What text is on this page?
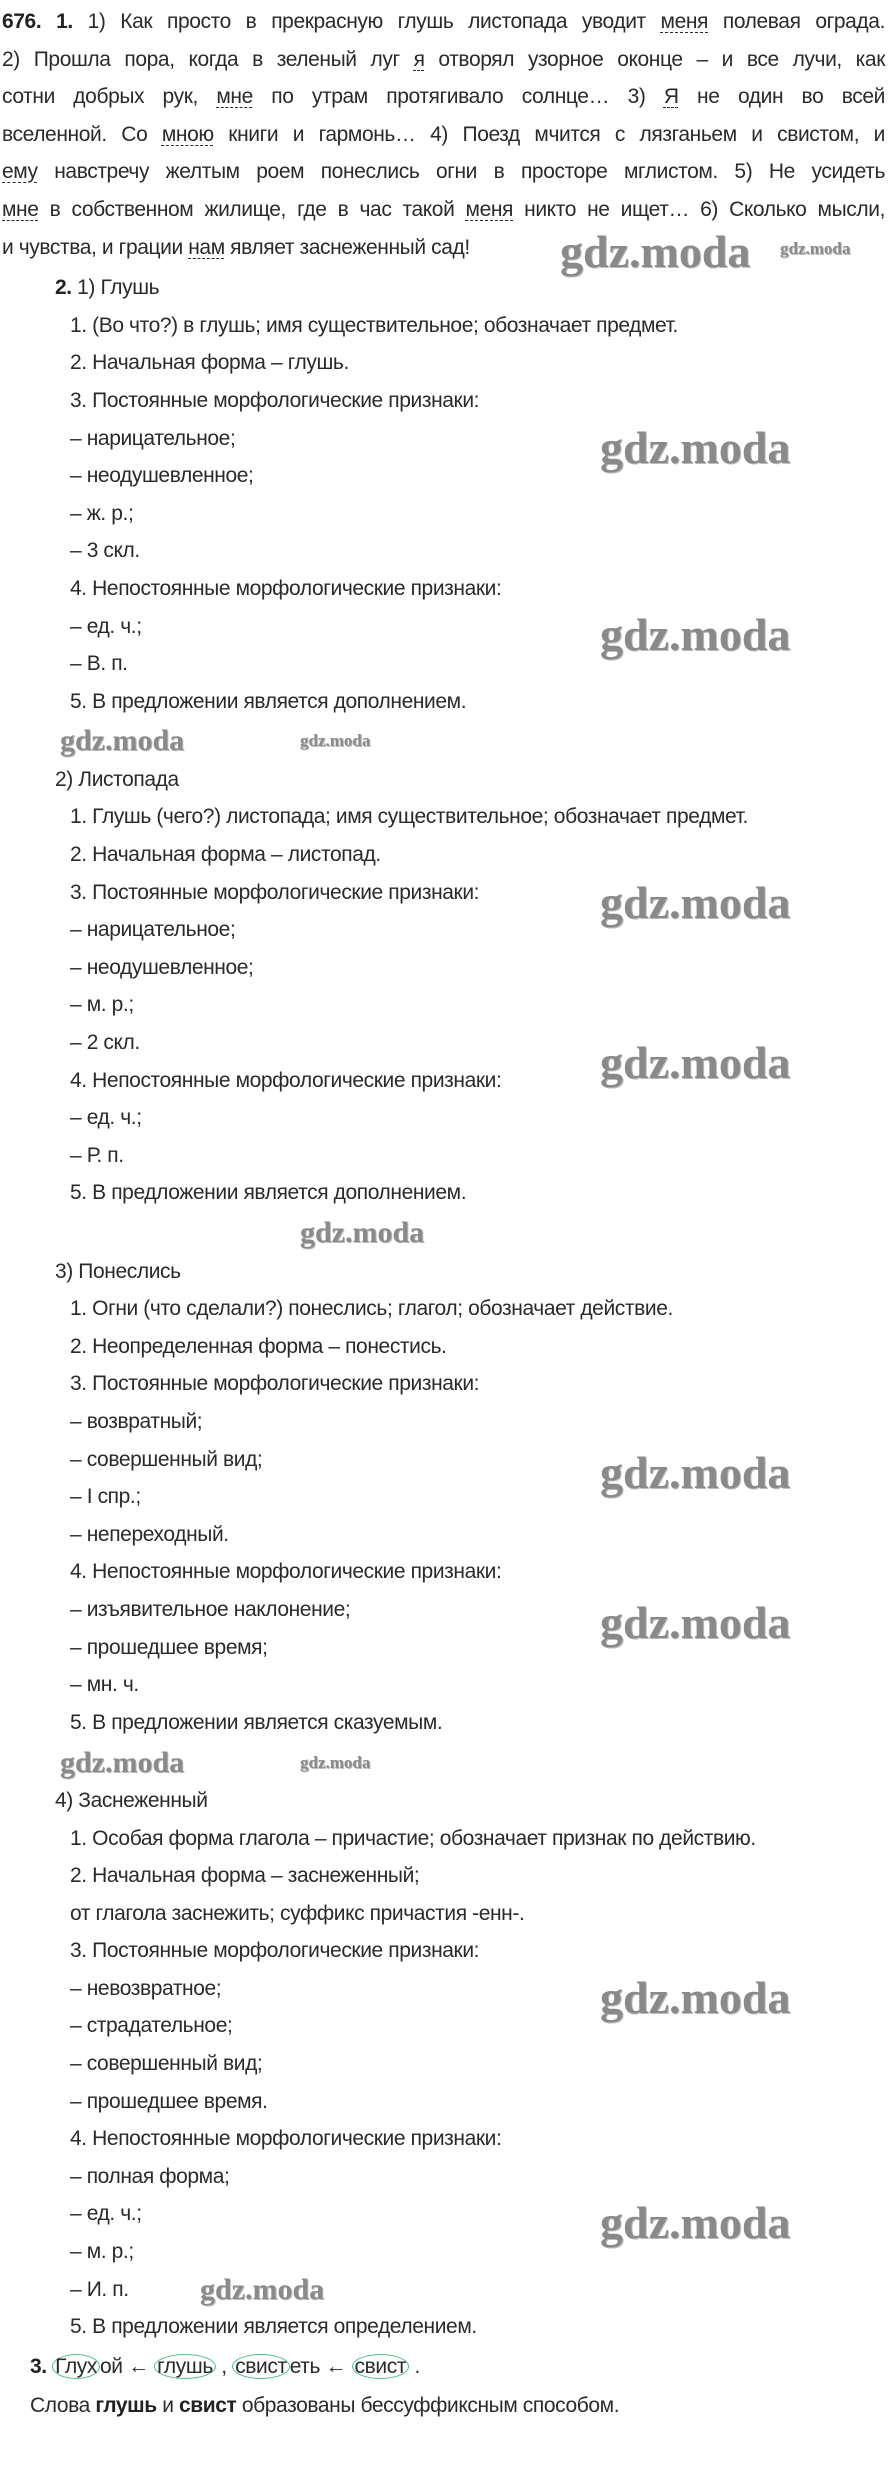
676. 1. 1) Как просто в прекрасную глушь листопада уводит меня полевая ограда.
2) Прошла пора, когда в зеленый луг я отворял узорное оконце – и все лучи, как
сотни добрых рук, мне по утрам протягивало солнце… 3) Я не один во всей
вселенной. Со мною книги и гармонь… 4) Поезд мчится с лязганьем и свистом, и
ему навстречу желтым роем понеслись огни в просторе мглистом. 5) Не усидеть
мне в собственном жилище, где в час такой меня никто не ищет… 6) Сколько мысли,
и чувства, и грации нам являет заснеженный сад!
2. 1) Глушь
1. (Во что?) в глушь; имя существительное; обозначает предмет.
2. Начальная форма – глушь.
3. Постоянные морфологические признаки:
– нарицательное;
– неодушевленное;
– ж. р.;
– 3 скл.
4. Непостоянные морфологические признаки:
– ед. ч.;
– В. п.
5. В предложении является дополнением.
2) Листопада
1. Глушь (чего?) листопада; имя существительное; обозначает предмет.
2. Начальная форма – листопад.
3. Постоянные морфологические признаки:
– нарицательное;
– неодушевленное;
– м. р.;
– 2 скл.
4. Непостоянные морфологические признаки:
– ед. ч.;
– Р. п.
5. В предложении является дополнением.
3) Понеслись
1. Огни (что сделали?) понеслись; глагол; обозначает действие.
2. Неопределенная форма – понестись.
3. Постоянные морфологические признаки:
– возвратный;
– совершенный вид;
– I спр.;
– непереходный.
4. Непостоянные морфологические признаки:
– изъявительное наклонение;
– прошедшее время;
– мн. ч.
5. В предложении является сказуемым.
4) Заснеженный
1. Особая форма глагола – причастие; обозначает признак по действию.
2. Начальная форма – заснеженный;
от глагола заснежить; суффикс причастия -енн-.
3. Постоянные морфологические признаки:
– невозвратное;
– страдательное;
– совершенный вид;
– прошедшее время.
4. Непостоянные морфологические признаки:
– полная форма;
– ед. ч.;
– м. р.;
– И. п.
5. В предложении является определением.
3. Глух ой ← глушь , свист еть ← свист .
Слова глушь и свист образованы бессуффиксным способом.
gdz.moda gdz.moda
gdz.moda	gdz.moda
gdz.moda
gdz.moda	gdz.moda
gdz.moda
gdz.moda
gdz.moda
gdz.moda
gdz.moda
gdz.moda
gdz.moda
gdz.moda
gdz.moda
